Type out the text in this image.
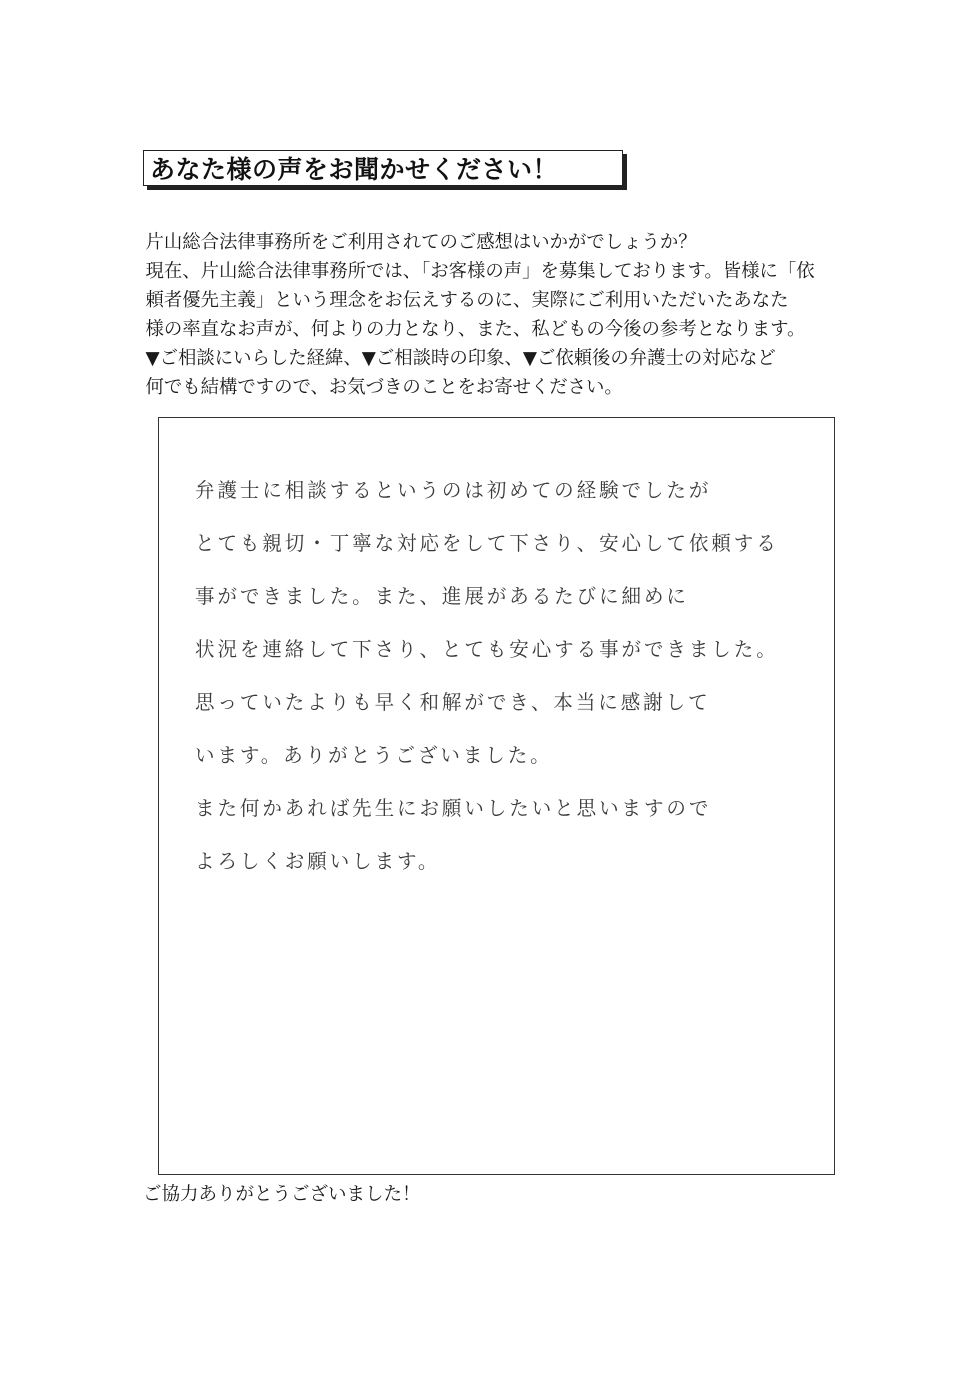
あなた様の声をお聞かせください！
片山総合法律事務所をご利用されてのご感想はいかがでしょうか？
現在、片山総合法律事務所では、「お客様の声」を募集しております。皆様に「依
頼者優先主義」という理念をお伝えするのに、実際にご利用いただいたあなた
様の率直なお声が、何よりの力となり、また、私どもの今後の参考となります。
▼ご相談にいらした経緯、▼ご相談時の印象、▼ご依頼後の弁護士の対応など
何でも結構ですので、お気づきのことをお寄せください。
弁護士に相談するというのは初めての経験でしたが
とても親切・丁寧な対応をして下さり、安心して依頼する
事ができました。また、進展があるたびに細めに
状況を連絡して下さり、とても安心する事ができました。
思っていたよりも早く和解ができ、本当に感謝して
います。ありがとうございました。
また何かあれば先生にお願いしたいと思いますので
よろしくお願いします。
ご協力ありがとうございました！
